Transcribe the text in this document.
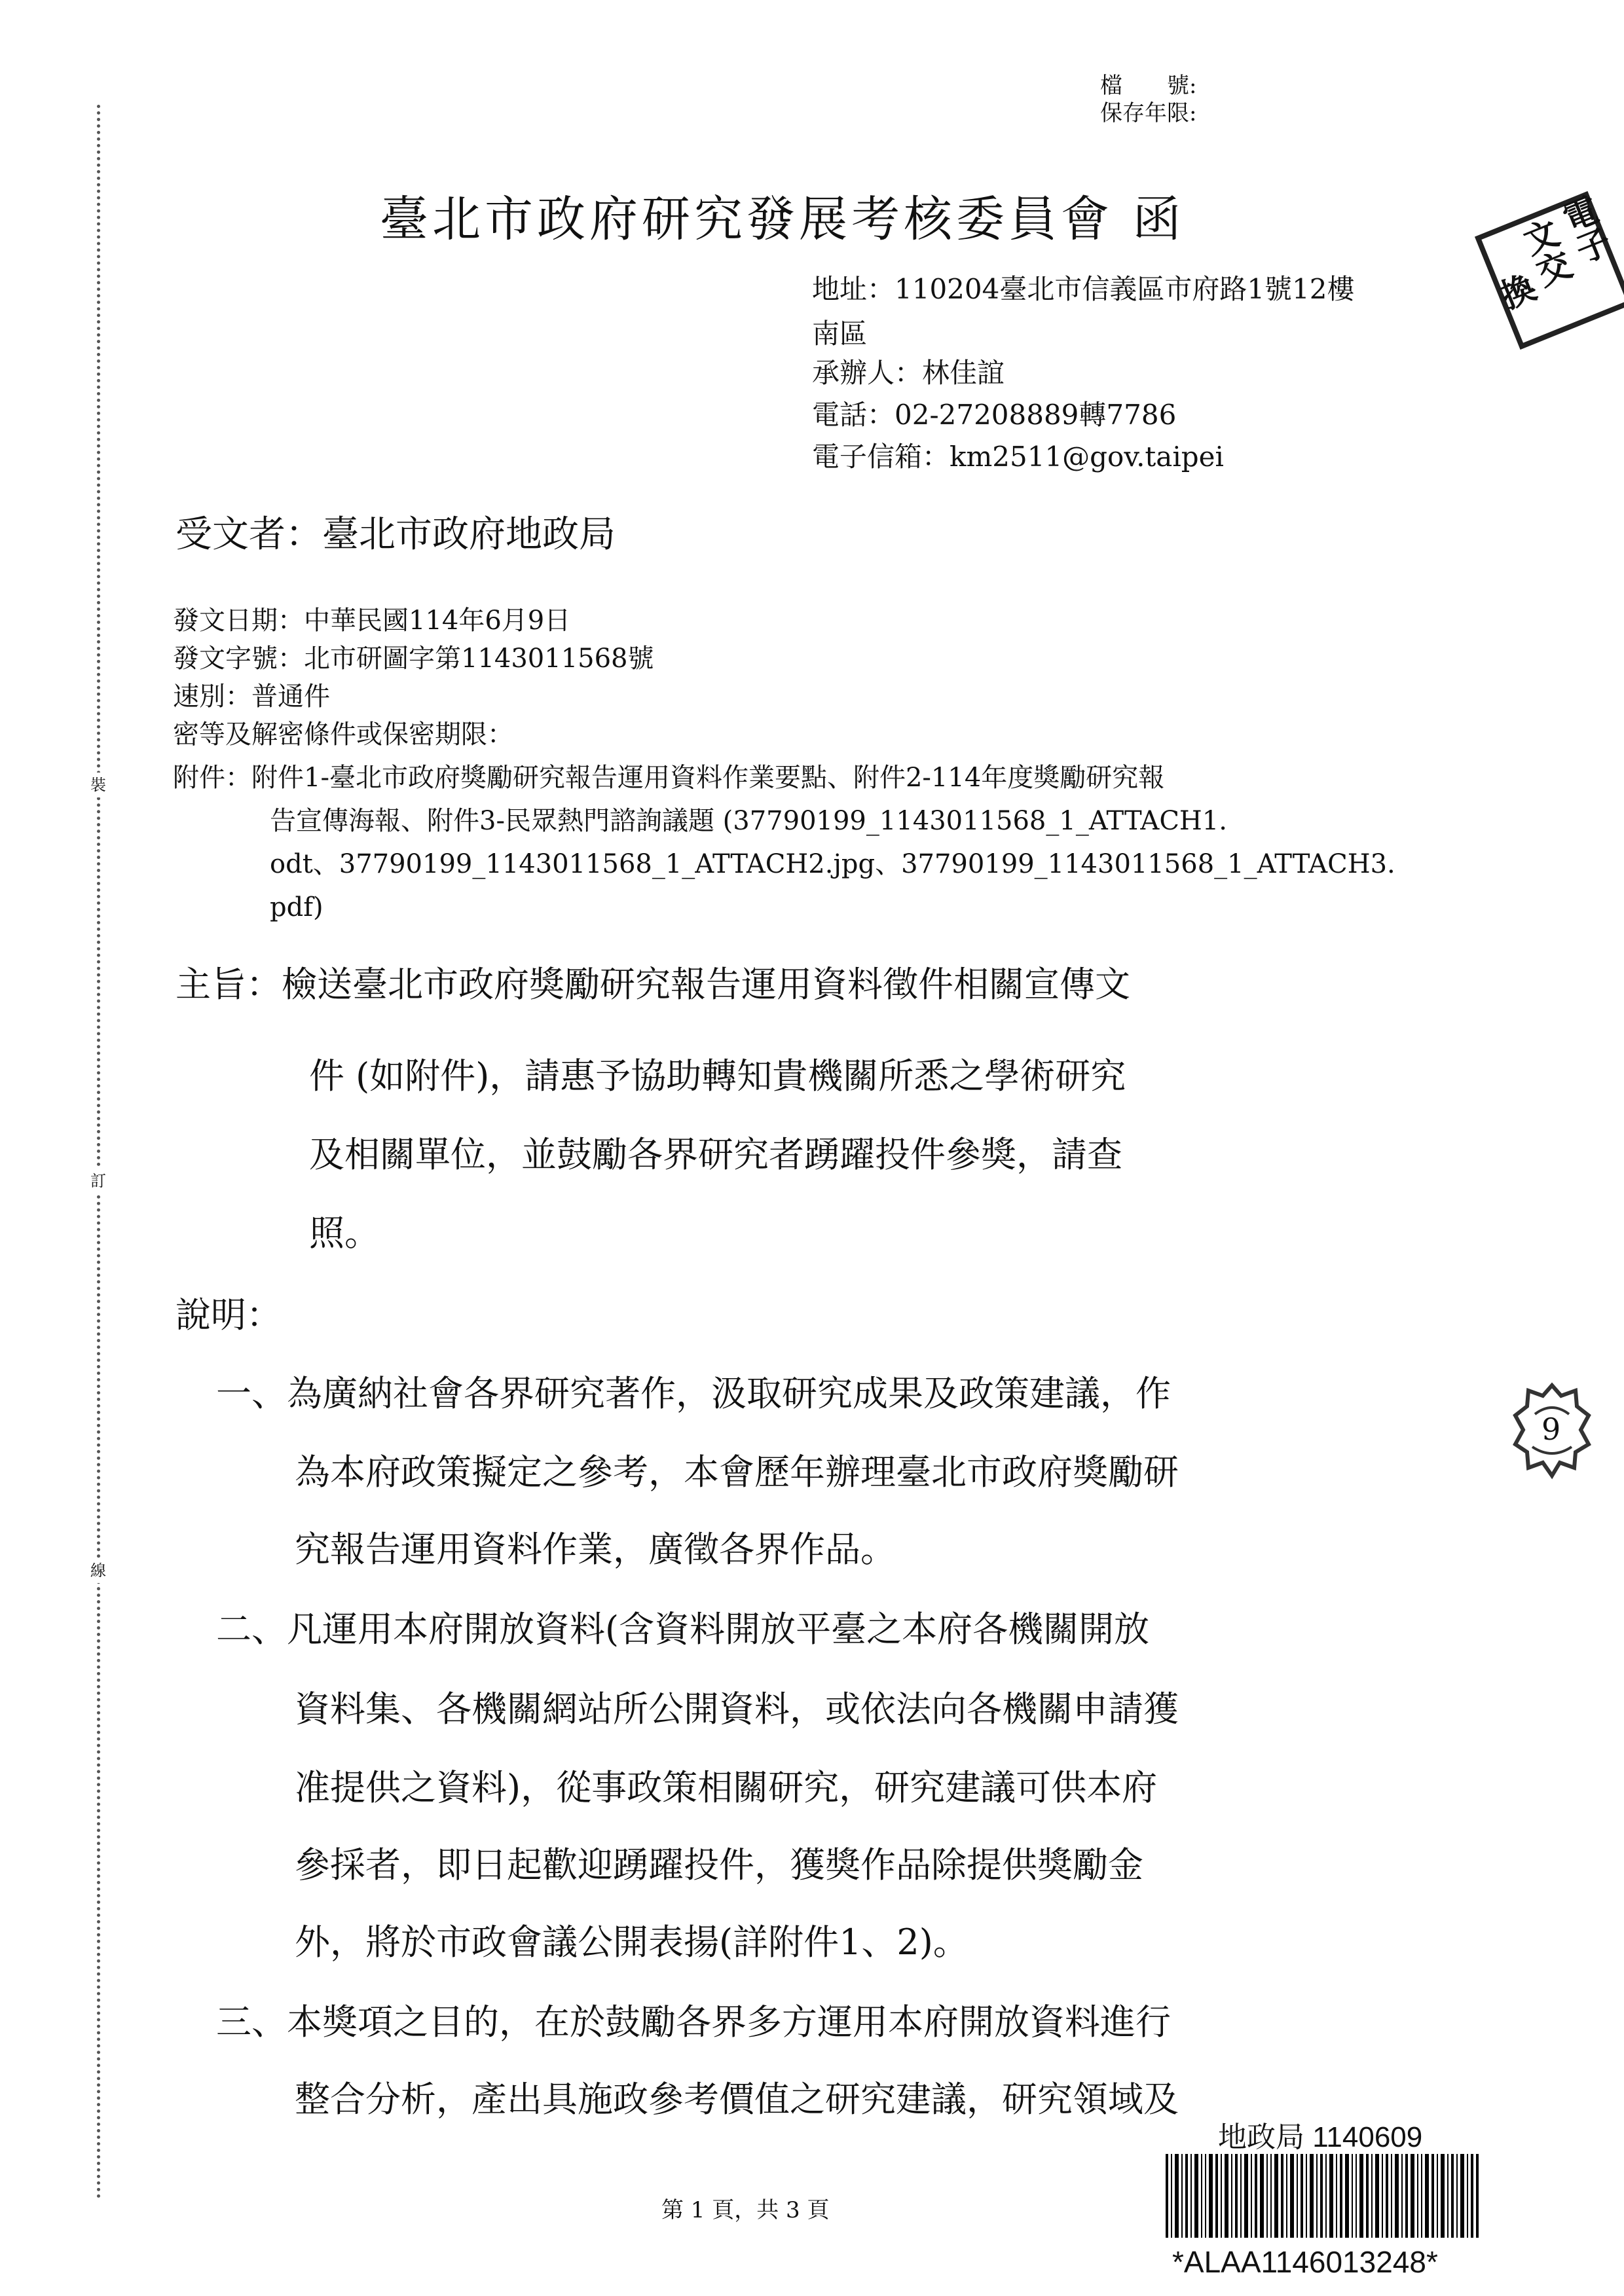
裝
訂
線
檔　　號:
保存年限:
臺北市政府研究發展考核委員會 函	電子
文交
換
地址：110204臺北市信義區市府路1號12樓
南區
承辦人：林佳誼
電話：02-27208889轉7786
電子信箱：km2511@gov.taipei
受文者：臺北市政府地政局
發文日期：中華民國114年6月9日
發文字號：北市研圖字第1143011568號
速別：普通件
密等及解密條件或保密期限：
附件：附件1-臺北市政府獎勵研究報告運用資料作業要點、附件2-114年度獎勵研究報
告宣傳海報、附件3-民眾熱門諮詢議題 (37790199_1143011568_1_ATTACH1.
odt、37790199_1143011568_1_ATTACH2.jpg、37790199_1143011568_1_ATTACH3.
pdf)
主旨：檢送臺北市政府獎勵研究報告運用資料徵件相關宣傳文
件 (如附件)，請惠予協助轉知貴機關所悉之學術研究
及相關單位，並鼓勵各界研究者踴躍投件參獎，請查
照。
說明：
一、為廣納社會各界研究著作，汲取研究成果及政策建議，作
為本府政策擬定之參考，本會歷年辦理臺北市政府獎勵研
究報告運用資料作業，廣徵各界作品。
二、凡運用本府開放資料(含資料開放平臺之本府各機關開放
資料集、各機關網站所公開資料，或依法向各機關申請獲
准提供之資料)，從事政策相關研究，研究建議可供本府
參採者，即日起歡迎踴躍投件，獲獎作品除提供獎勵金
外，將於市政會議公開表揚(詳附件1、2)。
三、本獎項之目的，在於鼓勵各界多方運用本府開放資料進行
整合分析，產出具施政參考價值之研究建議，研究領域及
9
地政局 1140609
*ALAA1146013248*
第 1 頁，共 3 頁
